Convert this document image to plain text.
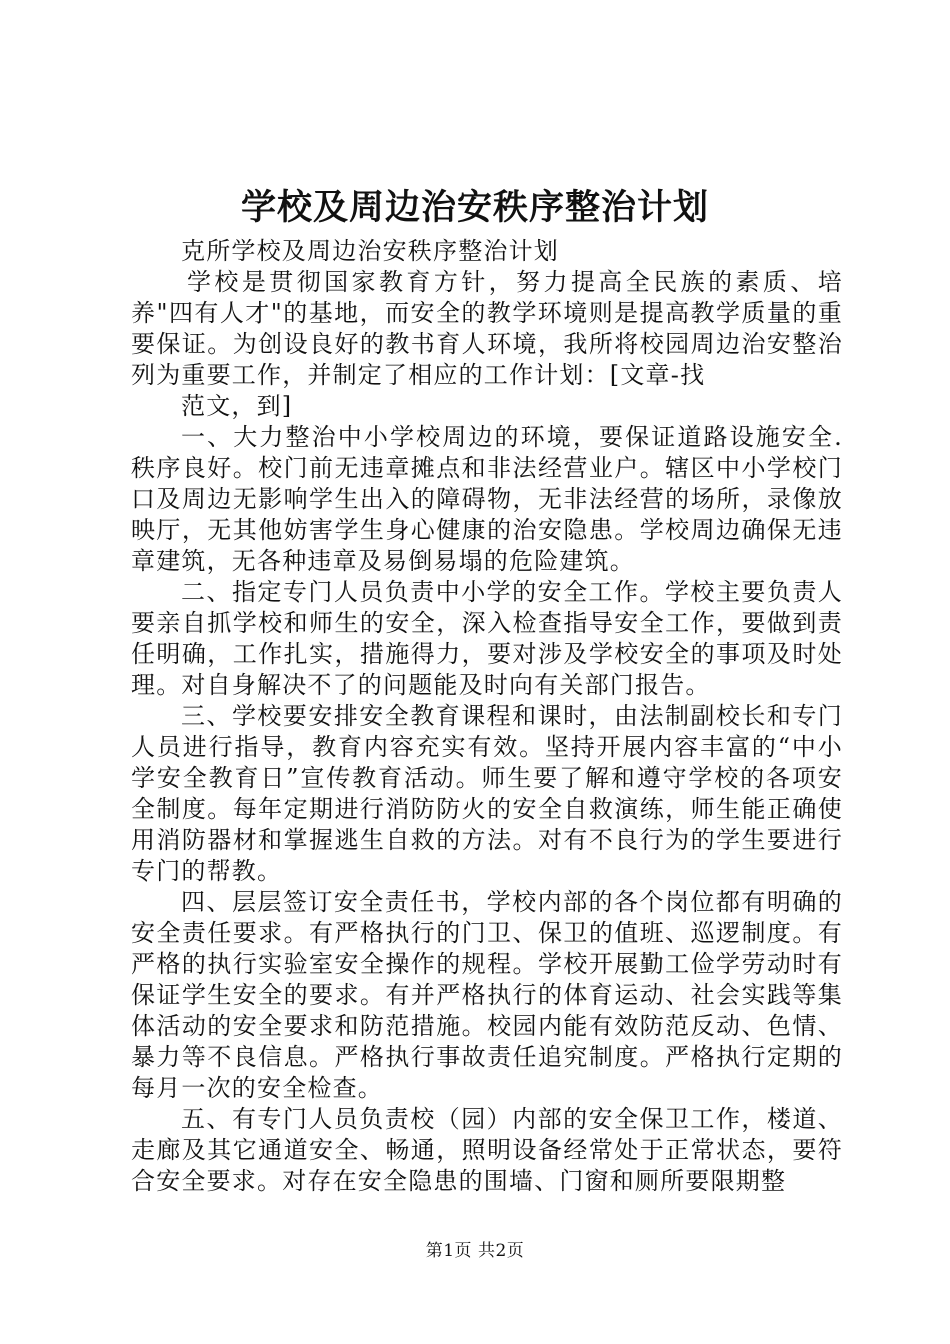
学校及周边治安秩序整治计划

克所学校及周边治安秩序整治计划

学校是贯彻国家教育方针，努力提高全民族的素质、培养"四有人才"的基地，而安全的教学环境则是提高教学质量的重要保证。为创设良好的教书育人环境，我所将校园周边治安整治列为重要工作，并制定了相应的工作计划：[文章-找

范文，到]

一、大力整治中小学校周边的环境，要保证道路设施安全.秩序良好。校门前无违章摊点和非法经营业户。辖区中小学校门口及周边无影响学生出入的障碍物，无非法经营的场所，录像放映厅，无其他妨害学生身心健康的治安隐患。学校周边确保无违章建筑，无各种违章及易倒易塌的危险建筑。

二、指定专门人员负责中小学的安全工作。学校主要负责人要亲自抓学校和师生的安全，深入检查指导安全工作，要做到责任明确，工作扎实，措施得力，要对涉及学校安全的事项及时处理。对自身解决不了的问题能及时向有关部门报告。

三、学校要安排安全教育课程和课时，由法制副校长和专门人员进行指导，教育内容充实有效。坚持开展内容丰富的“中小学安全教育日”宣传教育活动。师生要了解和遵守学校的各项安全制度。每年定期进行消防防火的安全自救演练，师生能正确使用消防器材和掌握逃生自救的方法。对有不良行为的学生要进行专门的帮教。

四、层层签订安全责任书，学校内部的各个岗位都有明确的安全责任要求。有严格执行的门卫、保卫的值班、巡逻制度。有严格的执行实验室安全操作的规程。学校开展勤工俭学劳动时有保证学生安全的要求。有并严格执行的体育运动、社会实践等集体活动的安全要求和防范措施。校园内能有效防范反动、色情、暴力等不良信息。严格执行事故责任追究制度。严格执行定期的每月一次的安全检查。

五、有专门人员负责校（园）内部的安全保卫工作，楼道、走廊及其它通道安全、畅通，照明设备经常处于正常状态，要符合安全要求。对存在安全隐患的围墙、门窗和厕所要限期整

第1页 共2页
